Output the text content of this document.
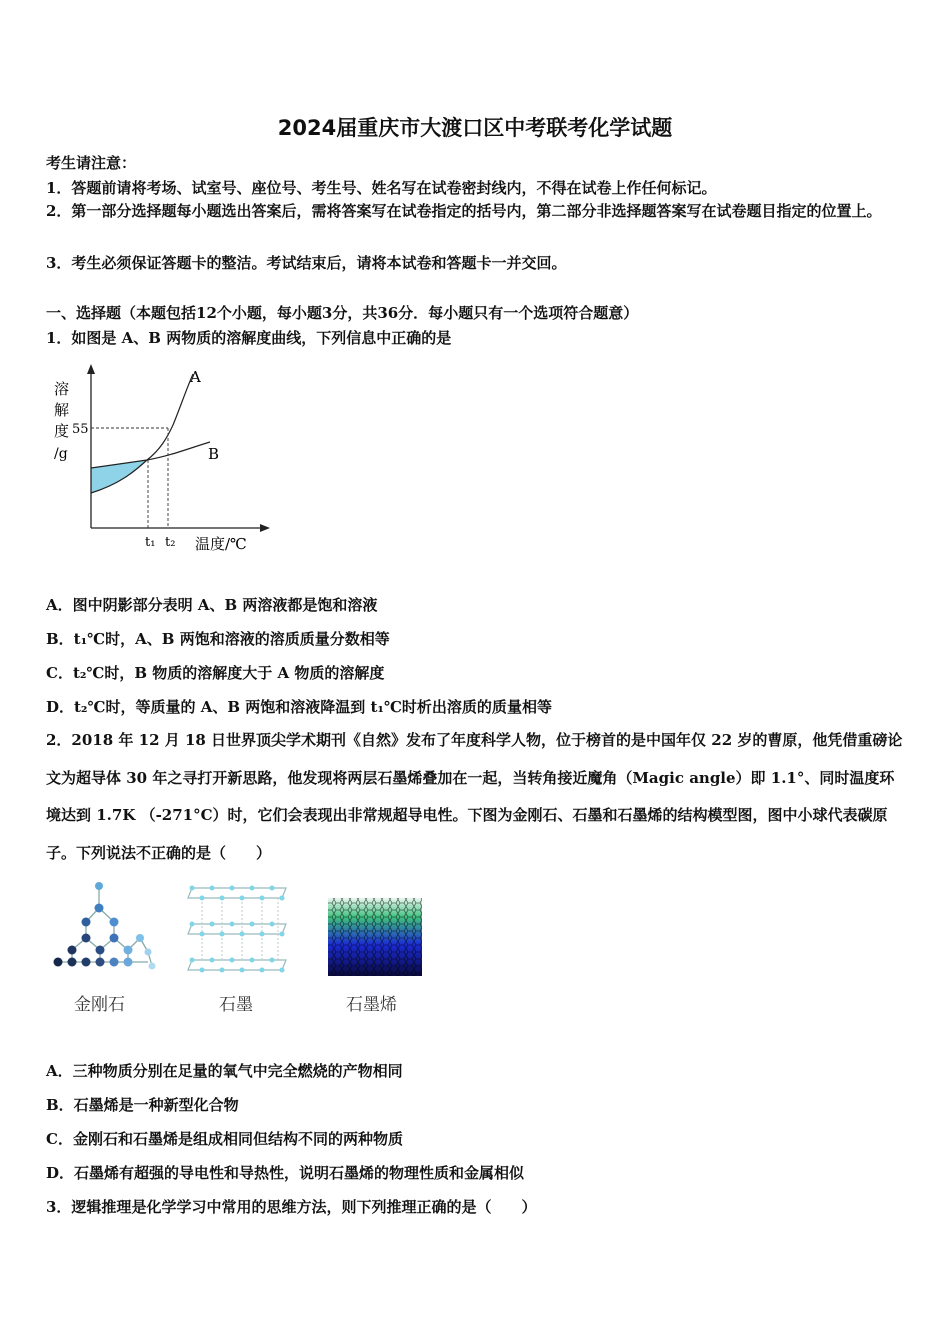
2024届重庆市大渡口区中考联考化学试题
考生请注意：
1．答题前请将考场、试室号、座位号、考生号、姓名写在试卷密封线内，不得在试卷上作任何标记。
2．第一部分选择题每小题选出答案后，需将答案写在试卷指定的括号内，第二部分非选择题答案写在试卷题目指定的位置上。
3．考生必须保证答题卡的整洁。考试结束后，请将本试卷和答题卡一并交回。
一、选择题（本题包括12个小题，每小题3分，共36分．每小题只有一个选项符合题意）
1．如图是 A、B 两物质的溶解度曲线，下列信息中正确的是
溶
解
度
/g
55
A
B
t₁ t₂ 温度/℃
A．图中阴影部分表明 A、B 两溶液都是饱和溶液
B．t₁℃时，A、B 两饱和溶液的溶质质量分数相等
C．t₂℃时，B 物质的溶解度大于 A 物质的溶解度
D．t₂℃时，等质量的 A、B 两饱和溶液降温到 t₁℃时析出溶质的质量相等
2．2018 年 12 月 18 日世界顶尖学术期刊《自然》发布了年度科学人物，位于榜首的是中国年仅 22 岁的曹原，他凭借重磅论文为超导体 30 年之寻打开新思路，他发现将两层石墨烯叠加在一起，当转角接近魔角（Magic angle）即 1.1°、同时温度环境达到 1.7K （-271°C）时，它们会表现出非常规超导电性。下图为金刚石、石墨和石墨烯的结构模型图，图中小球代表碳原子。下列说法不正确的是（　　）
金刚石	石墨	石墨烯
A．三种物质分别在足量的氧气中完全燃烧的产物相同
B．石墨烯是一种新型化合物
C．金刚石和石墨烯是组成相同但结构不同的两种物质
D．石墨烯有超强的导电性和导热性，说明石墨烯的物理性质和金属相似
3．逻辑推理是化学学习中常用的思维方法，则下列推理正确的是（　　）
